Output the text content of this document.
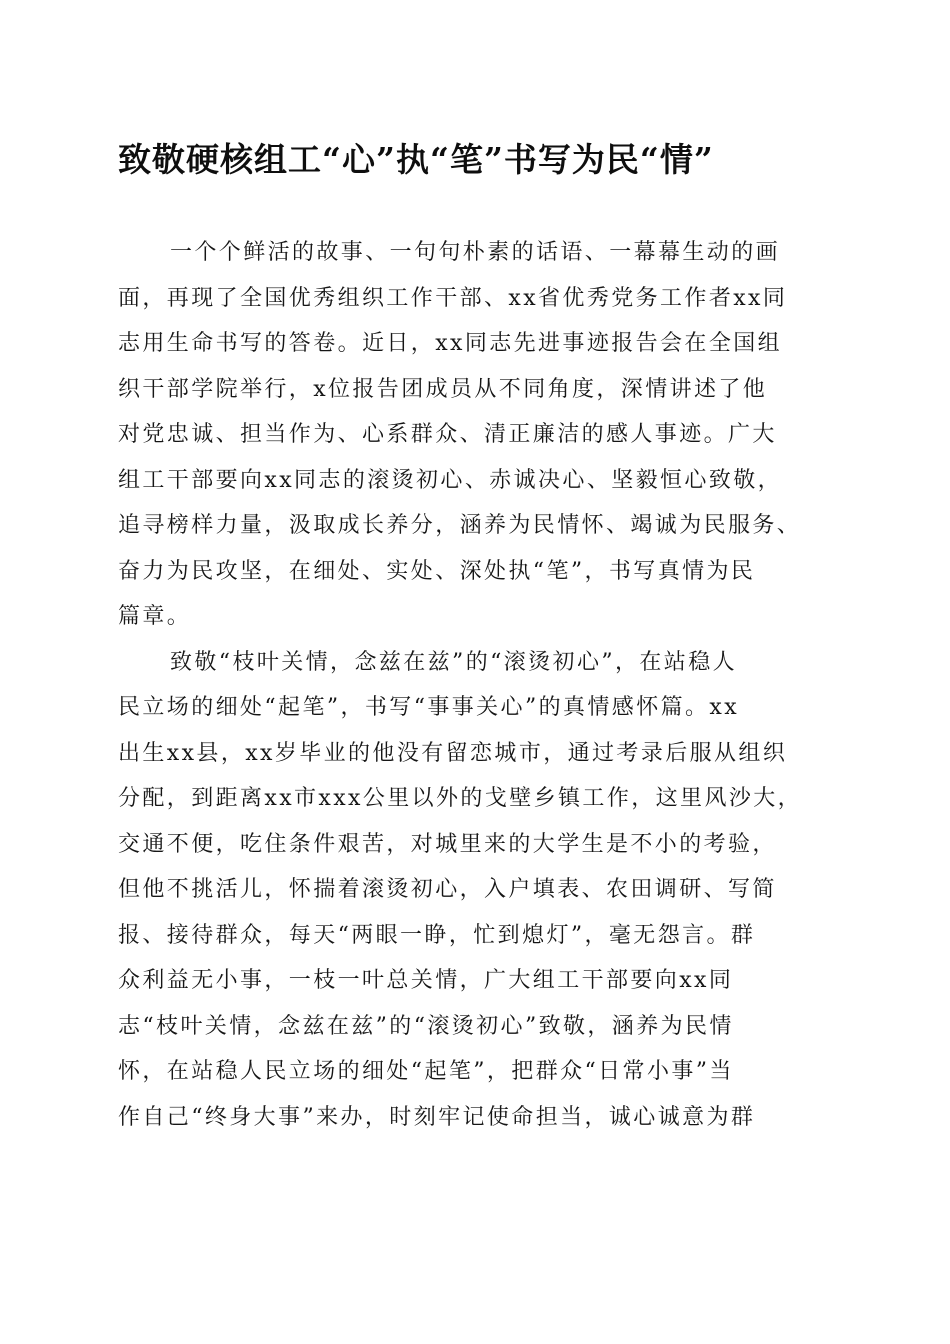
致敬硬核组工“心”执“笔”书写为民“情”
一个个鲜活的故事、一句句朴素的话语、一幕幕生动的画
面，再现了全国优秀组织工作干部、xx省优秀党务工作者xx同
志用生命书写的答卷。近日，xx同志先进事迹报告会在全国组
织干部学院举行，x位报告团成员从不同角度，深情讲述了他
对党忠诚、担当作为、心系群众、清正廉洁的感人事迹。广大
组工干部要向xx同志的滚烫初心、赤诚决心、坚毅恒心致敬，
追寻榜样力量，汲取成长养分，涵养为民情怀、竭诚为民服务、
奋力为民攻坚，在细处、实处、深处执“笔”，书写真情为民
篇章。
致敬“枝叶关情，念兹在兹”的“滚烫初心”，在站稳人
民立场的细处“起笔”，书写“事事关心”的真情感怀篇。xx
出生xx县，xx岁毕业的他没有留恋城市，通过考录后服从组织
分配，到距离xx市xxx公里以外的戈壁乡镇工作，这里风沙大，
交通不便，吃住条件艰苦，对城里来的大学生是不小的考验，
但他不挑活儿，怀揣着滚烫初心，入户填表、农田调研、写简
报、接待群众，每天“两眼一睁，忙到熄灯”，毫无怨言。群
众利益无小事，一枝一叶总关情，广大组工干部要向xx同
志“枝叶关情，念兹在兹”的“滚烫初心”致敬，涵养为民情
怀，在站稳人民立场的细处“起笔”，把群众“日常小事”当
作自己“终身大事”来办，时刻牢记使命担当，诚心诚意为群
